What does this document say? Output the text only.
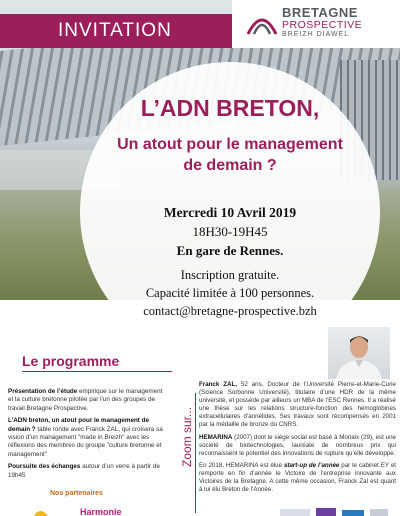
INVITATION
BRETAGNE
PROSPECTIVE
BREIZH DIAWEL
L’ADN BRETON,
Un atout pour le management de demain ?
Mercredi 10 Avril 2019
18H30-19H45
En gare de Rennes.
Inscription gratuite.
Capacité limitée à 100 personnes.
contact@bretagne-prospective.bzh
Le programme

Présentation de l’étude empirique sur le management et la culture bretonne pilotée par l’un des groupes de travail Bretagne Prospective.

L’ADN breton, un atout pour le management de demain ? table ronde avec Franck ZAL, qui croisera sa vision d’un management "made in Breizh" avec les réflexions des membres du groupe "culture bretonne et management"

Poursuite des échanges autour d’un verre à partir de 19h45

Zoom sur...

Franck ZAL, 52 ans, Docteur de l’Université Pierre-et-Marie-Curie (Science Sorbonne Université), titulaire d’une HDR de la même université, et possède par ailleurs un MBA de l’ESC Rennes. Il a réalisé une thèse sur les relations structure-fonction des hémoglobines extracellulaires d’annélides. Ses travaux sont récompensés en 2001 par la médaille de bronze du CNRS.

HEMARINA (2007) dont le siège social est basé à Morlaix (29), est une société de biotechnologies, lauréate de nombreux prix qui reconnaissent le potentiel des innovations de rupture qu’elle développe.

En 2018, HEMARINA est élue start-up de l’année par le cabinet EY et remporte en fin d’année le Victoire de l’entreprise innovante aux Victoires de la Bretagne. A cette même occasion, Franck Zal est quant à lui élu Breton de l’Année.

Nos partenaires
Harmonie
